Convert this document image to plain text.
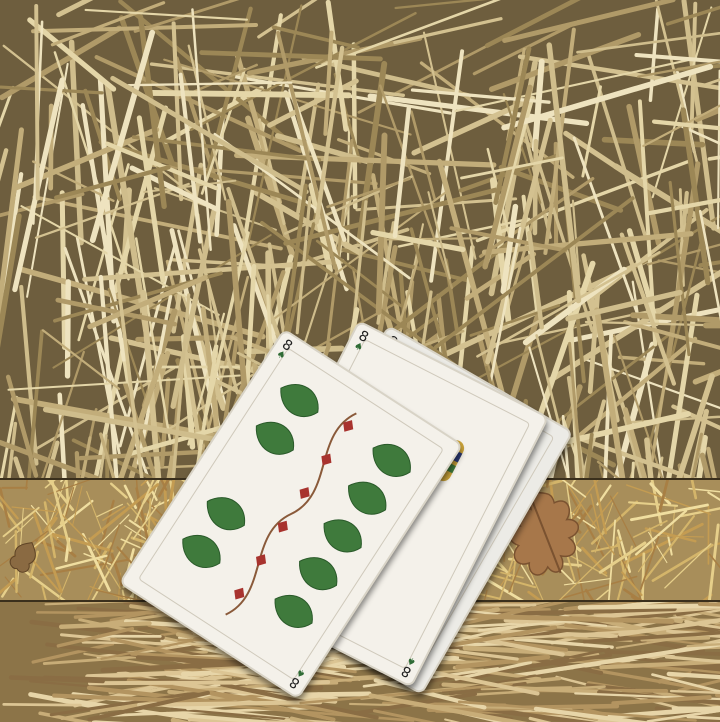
8
♠
8
♠
8
♠
8
♠
